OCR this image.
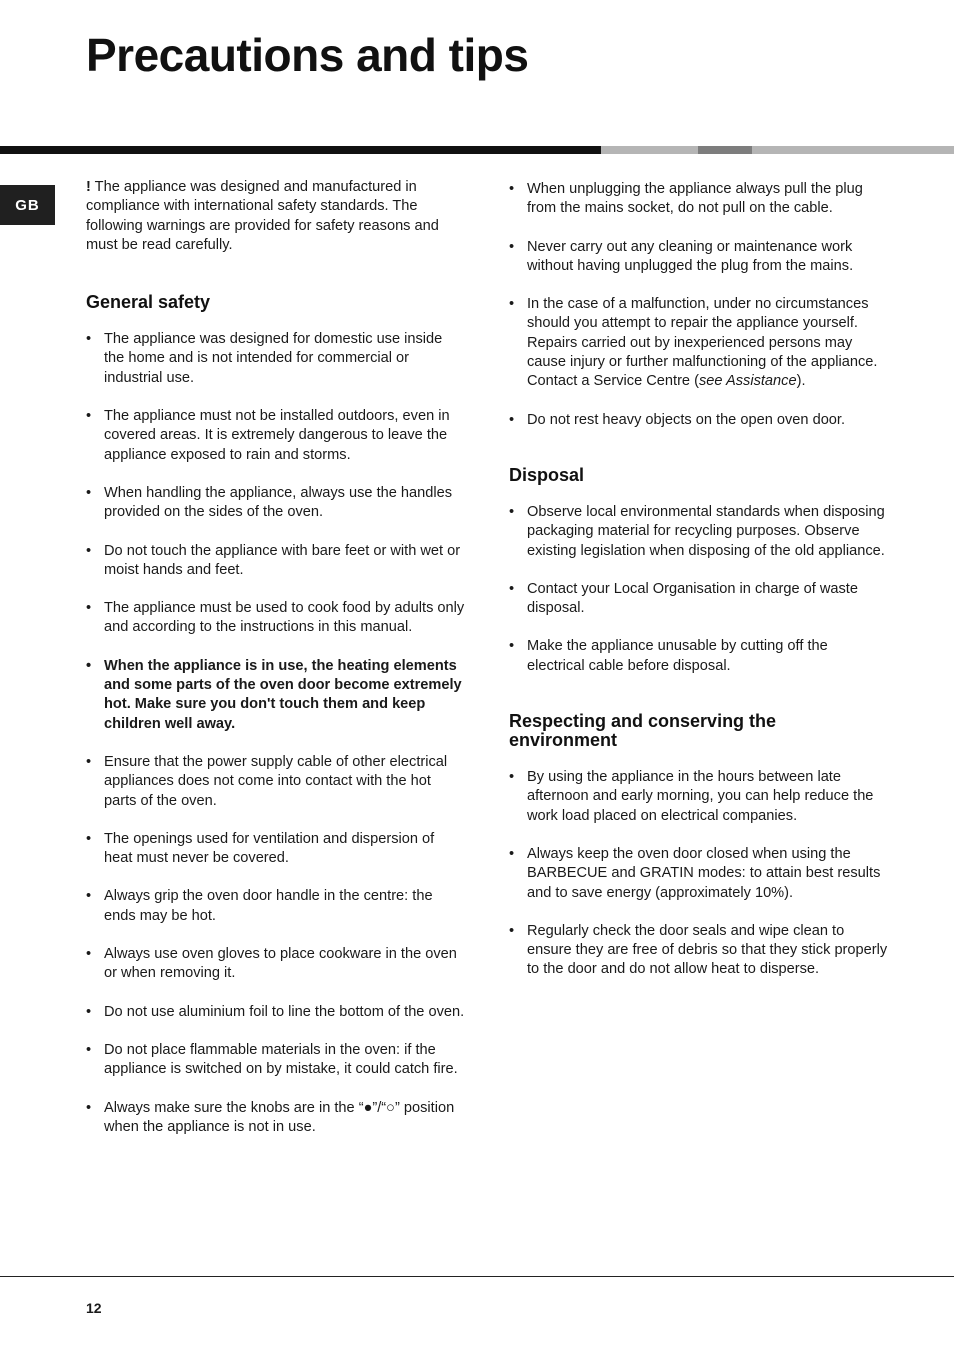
Precautions and tips
GB

! The appliance was designed and manufactured in compliance with international safety standards. The following warnings are provided for safety reasons and must be read carefully.

General safety
• The appliance was designed for domestic use inside the home and is not intended for commercial or industrial use.
• The appliance must not be installed outdoors, even in covered areas. It is extremely dangerous to leave the appliance exposed to rain and storms.
• When handling the appliance, always use the handles provided on the sides of the oven.
• Do not touch the appliance with bare feet or with wet or moist hands and feet.
• The appliance must be used to cook food by adults only and according to the instructions in this manual.
• When the appliance is in use, the heating elements and some parts of the oven door become extremely hot. Make sure you don't touch them and keep children well away.
• Ensure that the power supply cable of other electrical appliances does not come into contact with the hot parts of the oven.
• The openings used for ventilation and dispersion of heat must never be covered.
• Always grip the oven door handle in the centre: the ends may be hot.
• Always use oven gloves to place cookware in the oven or when removing it.
• Do not use aluminium foil to line the bottom of the oven.
• Do not place flammable materials in the oven: if the appliance is switched on by mistake, it could catch fire.
• Always make sure the knobs are in the “●”/“○” position when the appliance is not in use.
• When unplugging the appliance always pull the plug from the mains socket, do not pull on the cable.
• Never carry out any cleaning or maintenance work without having unplugged the plug from the mains.
• In the case of a malfunction, under no circumstances should you attempt to repair the appliance yourself. Repairs carried out by inexperienced persons may cause injury or further malfunctioning of the appliance. Contact a Service Centre (see Assistance).
• Do not rest heavy objects on the open oven door.
Disposal
• Observe local environmental standards when disposing packaging material for recycling purposes. Observe existing legislation when disposing of the old appliance.
• Contact your Local Organisation in charge of waste disposal.
• Make the appliance unusable by cutting off the electrical cable before disposal.
Respecting and conserving the environment
• By using the appliance in the hours between late afternoon and early morning, you can help reduce the work load placed on electrical companies.
• Always keep the oven door closed when using the BARBECUE and GRATIN modes: to attain best results and to save energy (approximately 10%).
• Regularly check the door seals and wipe clean to ensure they are free of debris so that they stick properly to the door and do not allow heat to disperse.
12
